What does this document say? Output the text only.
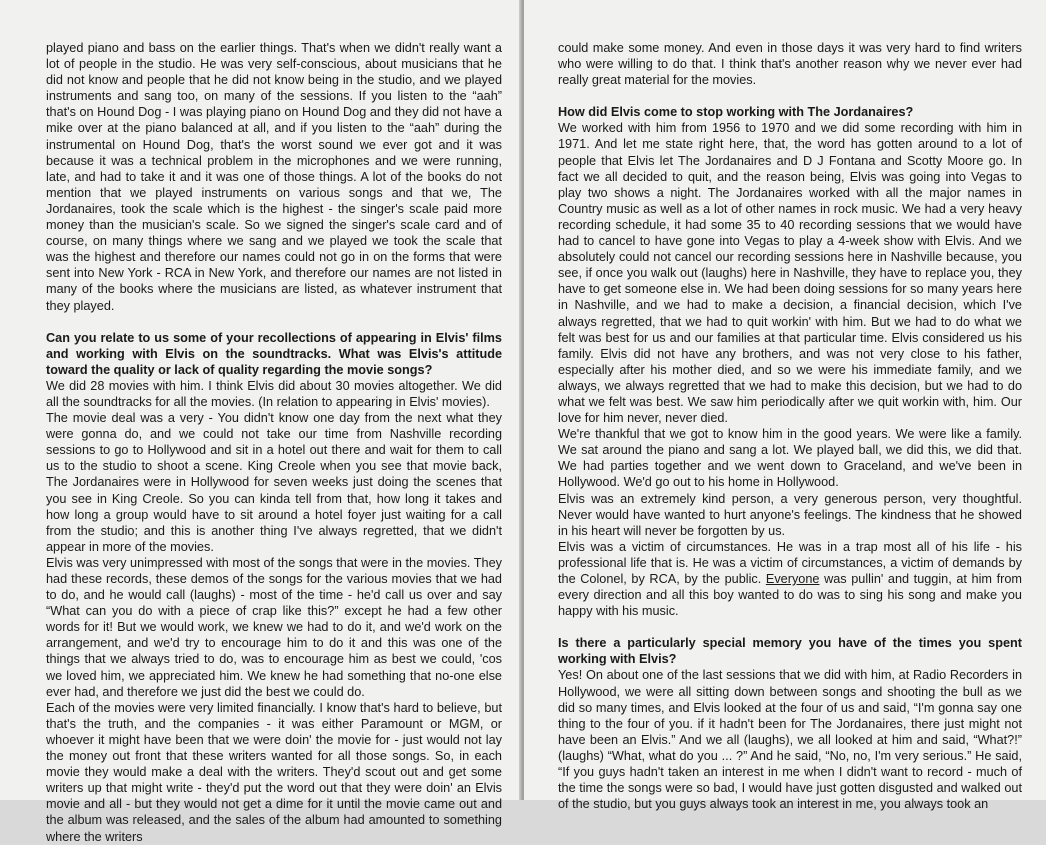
played piano and bass on the earlier things. That's when we didn't really want a lot of people in the studio. He was very self-conscious, about musicians that he did not know and people that he did not know being in the studio, and we played instruments and sang too, on many of the sessions. If you listen to the “aah” that's on Hound Dog - I was playing piano on Hound Dog and they did not have a mike over at the piano balanced at all, and if you listen to the “aah” during the instrumental on Hound Dog, that's the worst sound we ever got and it was because it was a technical problem in the microphones and we were running, late, and had to take it and it was one of those things. A lot of the books do not mention that we played instruments on various songs and that we, The Jordanaires, took the scale which is the highest - the singer's scale paid more money than the musician's scale. So we signed the singer's scale card and of course, on many things where we sang and we played we took the scale that was the highest and therefore our names could not go in on the forms that were sent into New York - RCA in New York, and therefore our names are not listed in many of the books where the musicians are listed, as whatever instrument that they played.

Can you relate to us some of your recollections of appearing in Elvis' films and working with Elvis on the soundtracks. What was Elvis's attitude toward the quality or lack of quality regarding the movie songs?

We did 28 movies with him. I think Elvis did about 30 movies altogether. We did all the soundtracks for all the movies. (In relation to appearing in Elvis' movies).

The movie deal was a very - You didn't know one day from the next what they were gonna do, and we could not take our time from Nashville recording sessions to go to Hollywood and sit in a hotel out there and wait for them to call us to the studio to shoot a scene. King Creole when you see that movie back, The Jordanaires were in Hollywood for seven weeks just doing the scenes that you see in King Creole. So you can kinda tell from that, how long it takes and how long a group would have to sit around a hotel foyer just waiting for a call from the studio; and this is another thing I've always regretted, that we didn't appear in more of the movies.

Elvis was very unimpressed with most of the songs that were in the movies. They had these records, these demos of the songs for the various movies that we had to do, and he would call (laughs) - most of the time - he'd call us over and say “What can you do with a piece of crap like this?” except he had a few other words for it! But we would work, we knew we had to do it, and we'd work on the arrangement, and we'd try to encourage him to do it and this was one of the things that we always tried to do, was to encourage him as best we could, 'cos we loved him, we appreciated him. We knew he had something that no-one else ever had, and therefore we just did the best we could do.

Each of the movies were very limited financially. I know that's hard to believe, but that's the truth, and the companies - it was either Paramount or MGM, or whoever it might have been that we were doin' the movie for - just would not lay the money out front that these writers wanted for all those songs. So, in each movie they would make a deal with the writers. They'd scout out and get some writers up that might write - they'd put the word out that they were doin' an Elvis movie and all - but they would not get a dime for it until the movie came out and the album was released, and the sales of the album had amounted to something where the writers

could make some money. And even in those days it was very hard to find writers who were willing to do that. I think that's another reason why we never ever had really great material for the movies.

How did Elvis come to stop working with The Jordanaires?

We worked with him from 1956 to 1970 and we did some recording with him in 1971. And let me state right here, that, the word has gotten around to a lot of people that Elvis let The Jordanaires and D J Fontana and Scotty Moore go. In fact we all decided to quit, and the reason being, Elvis was going into Vegas to play two shows a night. The Jordanaires worked with all the major names in Country music as well as a lot of other names in rock music. We had a very heavy recording schedule, it had some 35 to 40 recording sessions that we would have had to cancel to have gone into Vegas to play a 4-week show with Elvis. And we absolutely could not cancel our recording sessions here in Nashville because, you see, if once you walk out (laughs) here in Nashville, they have to replace you, they have to get someone else in. We had been doing sessions for so many years here in Nashville, and we had to make a decision, a financial decision, which I've always regretted, that we had to quit workin' with him. But we had to do what we felt was best for us and our families at that particular time. Elvis considered us his family. Elvis did not have any brothers, and was not very close to his father, especially after his mother died, and so we were his immediate family, and we always, we always regretted that we had to make this decision, but we had to do what we felt was best. We saw him periodically after we quit workin with, him. Our love for him never, never died.

We're thankful that we got to know him in the good years. We were like a family. We sat around the piano and sang a lot. We played ball, we did this, we did that. We had parties together and we went down to Graceland, and we've been in Hollywood. We'd go out to his home in Hollywood.

Elvis was an extremely kind person, a very generous person, very thoughtful. Never would have wanted to hurt anyone's feelings. The kindness that he showed in his heart will never be forgotten by us.

Elvis was a victim of circumstances. He was in a trap most all of his life - his professional life that is. He was a victim of circumstances, a victim of demands by the Colonel, by RCA, by the public. Everyone was pullin' and tuggin, at him from every direction and all this boy wanted to do was to sing his song and make you happy with his music.

Is there a particularly special memory you have of the times you spent working with Elvis?

Yes! On about one of the last sessions that we did with him, at Radio Recorders in Hollywood, we were all sitting down between songs and shooting the bull as we did so many times, and Elvis looked at the four of us and said, “I'm gonna say one thing to the four of you. if it hadn't been for The Jordanaires, there just might not have been an Elvis.” And we all (laughs), we all looked at him and said, “What?!” (laughs) “What, what do you ... ?” And he said, “No, no, I'm very serious.” He said, “If you guys hadn't taken an interest in me when I didn't want to record - much of the time the songs were so bad, I would have just gotten disgusted and walked out of the studio, but you guys always took an interest in me, you always took an
